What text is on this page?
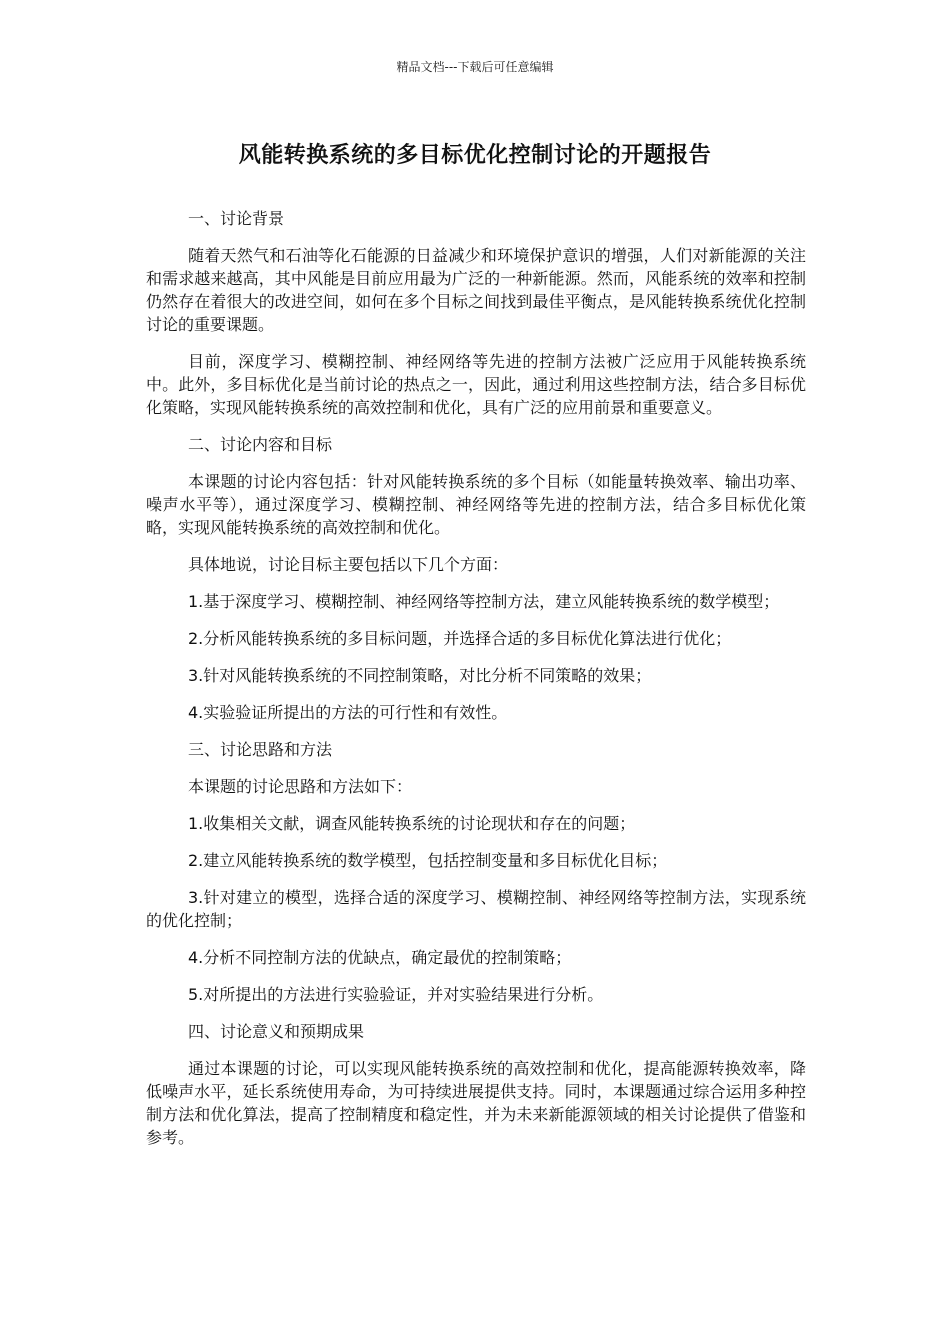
精品文档---下载后可任意编辑
风能转换系统的多目标优化控制讨论的开题报告

一、讨论背景

随着天然气和石油等化石能源的日益减少和环境保护意识的增强，人们对新能源的关注和需求越来越高，其中风能是目前应用最为广泛的一种新能源。然而，风能系统的效率和控制仍然存在着很大的改进空间，如何在多个目标之间找到最佳平衡点，是风能转换系统优化控制讨论的重要课题。

目前，深度学习、模糊控制、神经网络等先进的控制方法被广泛应用于风能转换系统中。此外，多目标优化是当前讨论的热点之一，因此，通过利用这些控制方法，结合多目标优化策略，实现风能转换系统的高效控制和优化，具有广泛的应用前景和重要意义。

二、讨论内容和目标

本课题的讨论内容包括：针对风能转换系统的多个目标（如能量转换效率、输出功率、噪声水平等），通过深度学习、模糊控制、神经网络等先进的控制方法，结合多目标优化策略，实现风能转换系统的高效控制和优化。

具体地说，讨论目标主要包括以下几个方面：

1.基于深度学习、模糊控制、神经网络等控制方法，建立风能转换系统的数学模型；

2.分析风能转换系统的多目标问题，并选择合适的多目标优化算法进行优化；

3.针对风能转换系统的不同控制策略，对比分析不同策略的效果；

4.实验验证所提出的方法的可行性和有效性。

三、讨论思路和方法

本课题的讨论思路和方法如下：

1.收集相关文献，调查风能转换系统的讨论现状和存在的问题；

2.建立风能转换系统的数学模型，包括控制变量和多目标优化目标；

3.针对建立的模型，选择合适的深度学习、模糊控制、神经网络等控制方法，实现系统的优化控制；

4.分析不同控制方法的优缺点，确定最优的控制策略；

5.对所提出的方法进行实验验证，并对实验结果进行分析。

四、讨论意义和预期成果

通过本课题的讨论，可以实现风能转换系统的高效控制和优化，提高能源转换效率，降低噪声水平，延长系统使用寿命，为可持续进展提供支持。同时，本课题通过综合运用多种控制方法和优化算法，提高了控制精度和稳定性，并为未来新能源领域的相关讨论提供了借鉴和参考。
